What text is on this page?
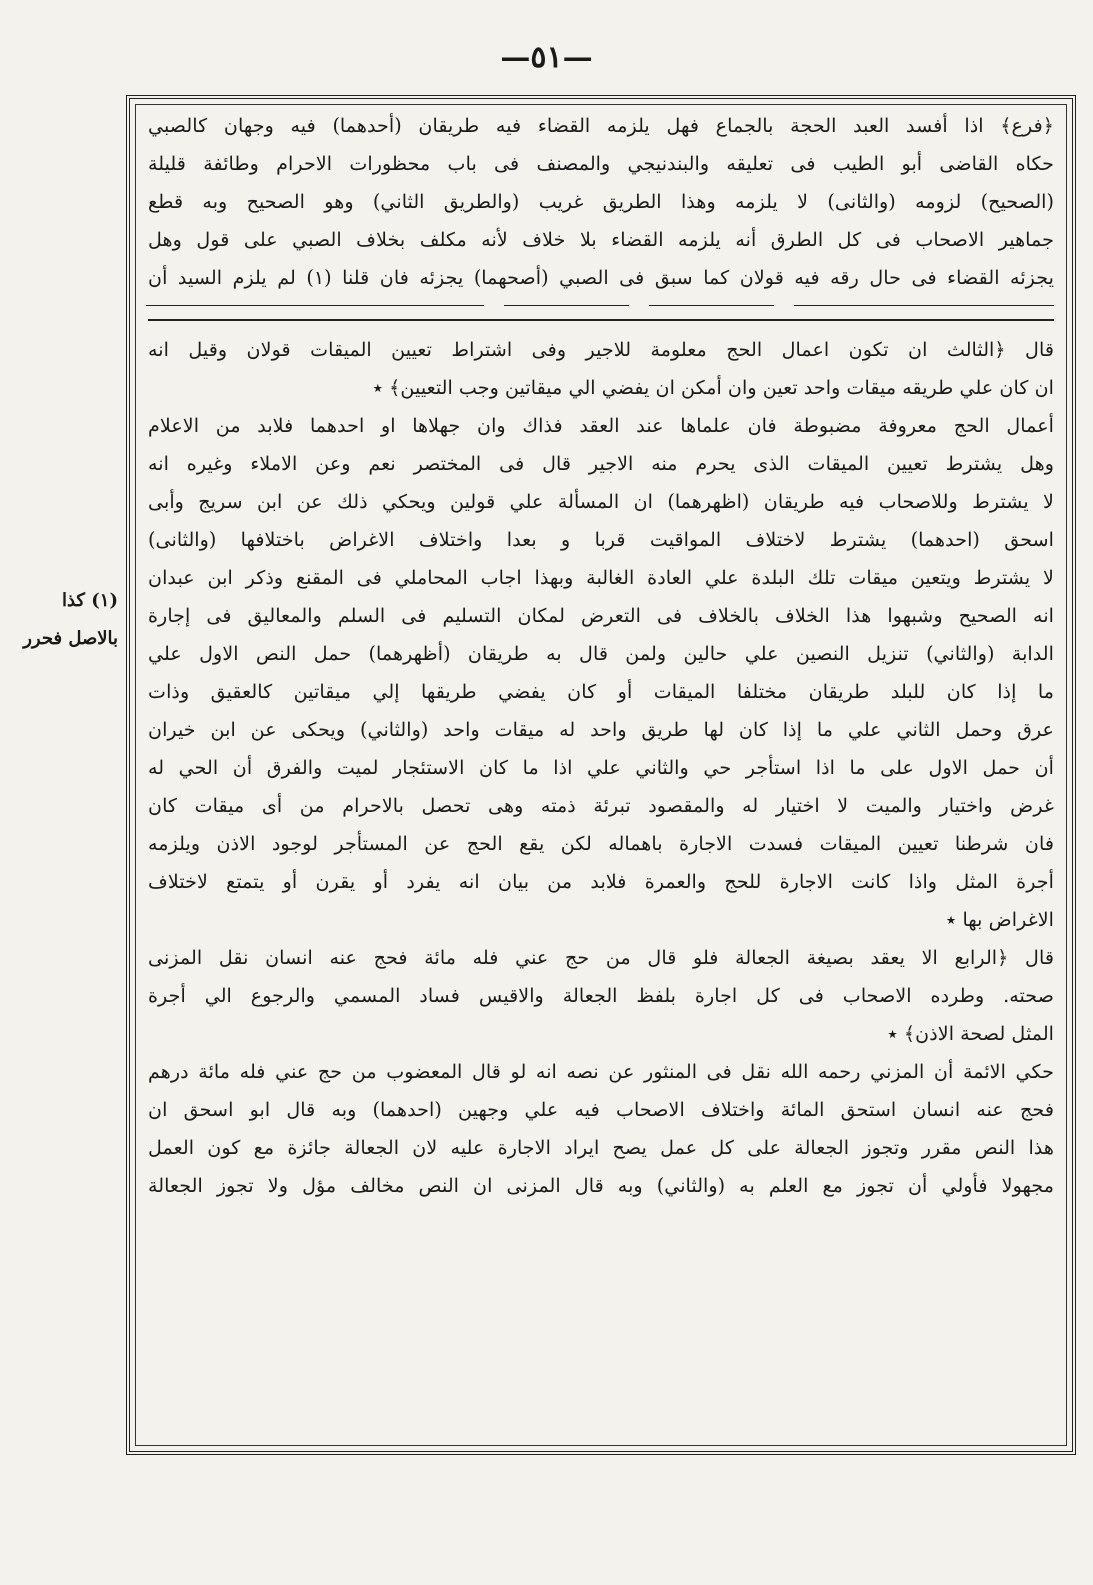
—٥١—
(١) كذا
بالاصل فحرر
﴿فرع﴾ اذا أفسد العبد الحجة بالجماع فهل يلزمه القضاء فيه طريقان (أحدهما) فيه وجهان كالصبي
حكاه القاضى أبو الطيب فى تعليقه والبندنيجي والمصنف فى باب محظورات الاحرام وطائفة قليلة
(الصحيح) لزومه (والثانى) لا يلزمه وهذا الطريق غريب (والطريق الثاني) وهو الصحيح وبه قطع
جماهير الاصحاب فى كل الطرق أنه يلزمه القضاء بلا خلاف لأنه مكلف بخلاف الصبي على قول وهل
يجزئه القضاء فى حال رقه فيه قولان كما سبق فى الصبي (أصحهما) يجزئه فان قلنا (١) لم يلزم السيد أن
قال ﴿الثالث ان تكون اعمال الحج معلومة للاجير وفى اشتراط تعيين الميقات قولان وقيل انه
ان كان علي طريقه ميقات واحد تعين وان أمكن ان يفضي الي ميقاتين وجب التعيين﴾ ٭
أعمال الحج معروفة مضبوطة فان علماها عند العقد فذاك وان جهلاها او احدهما فلابد من الاعلام
وهل يشترط تعيين الميقات الذى يحرم منه الاجير قال فى المختصر نعم وعن الاملاء وغيره انه
لا يشترط وللاصحاب فيه طريقان (اظهرهما) ان المسألة علي قولين ويحكي ذلك عن ابن سريج وأبى
اسحق (احدهما) يشترط لاختلاف المواقيت قربا و بعدا واختلاف الاغراض باختلافها (والثانى)
لا يشترط ويتعين ميقات تلك البلدة علي العادة الغالبة وبهذا اجاب المحاملي فى المقنع وذكر ابن عبدان
انه الصحيح وشبهوا هذا الخلاف بالخلاف فى التعرض لمكان التسليم فى السلم والمعاليق فى إجارة
الدابة (والثاني) تنزيل النصين علي حالين ولمن قال به طريقان (أظهرهما) حمل النص الاول علي
ما إذا كان للبلد طريقان مختلفا الميقات أو كان يفضي طريقها إلي ميقاتين كالعقيق وذات
عرق وحمل الثاني علي ما إذا كان لها طريق واحد له ميقات واحد (والثاني) ويحكى عن ابن خيران
أن حمل الاول على ما اذا استأجر حي والثاني علي اذا ما كان الاستئجار لميت والفرق أن الحي له
غرض واختيار والميت لا اختيار له والمقصود تبرئة ذمته وهى تحصل بالاحرام من أى ميقات كان
فان شرطنا تعيين الميقات فسدت الاجارة باهماله لكن يقع الحج عن المستأجر لوجود الاذن ويلزمه
أجرة المثل واذا كانت الاجارة للحج والعمرة فلابد من بيان انه يفرد أو يقرن أو يتمتع لاختلاف
الاغراض بها ٭
قال ﴿الرابع الا يعقد بصيغة الجعالة فلو قال من حج عني فله مائة فحج عنه انسان نقل المزنى
صحته. وطرده الاصحاب فى كل اجارة بلفظ الجعالة والاقيس فساد المسمي والرجوع الي أجرة
المثل لصحة الاذن﴾ ٭
حكي الائمة أن المزني رحمه الله نقل فى المنثور عن نصه انه لو قال المعضوب من حج عني فله مائة درهم
فحج عنه انسان استحق المائة واختلاف الاصحاب فيه علي وجهين (احدهما) وبه قال ابو اسحق ان
هذا النص مقرر وتجوز الجعالة على كل عمل يصح ايراد الاجارة عليه لان الجعالة جائزة مع كون العمل
مجهولا فأولي أن تجوز مع العلم به (والثاني) وبه قال المزنى ان النص مخالف مؤل ولا تجوز الجعالة
